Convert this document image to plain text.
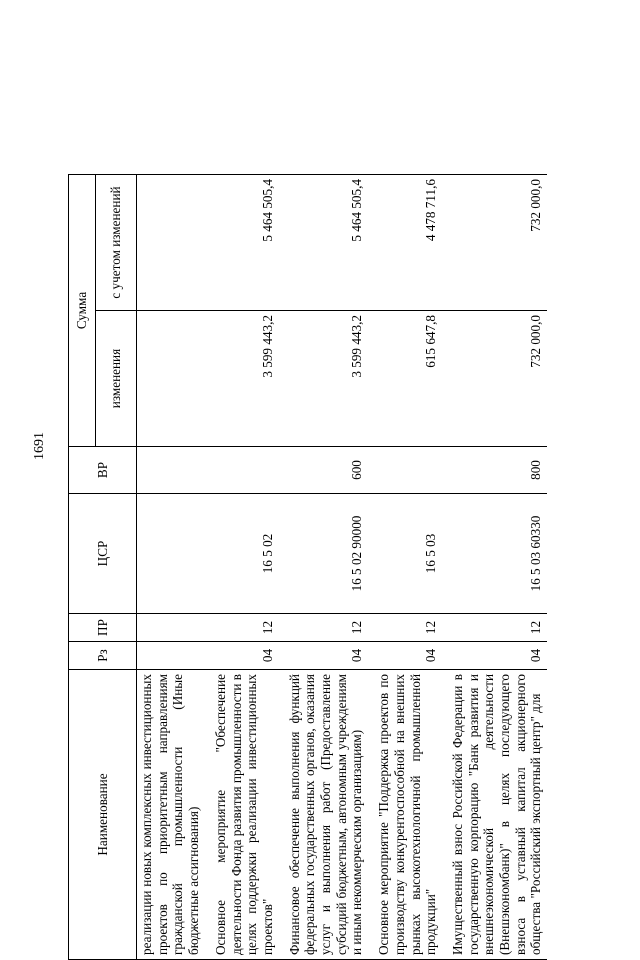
1691
Наименование	Рз	ПР	ЦСР	ВР	Сумма	
					изменения	с учетом изменений
реализации новых комплексных инвестиционных проектов по приоритетным направлениям гражданской промышленности (Иные бюджетные ассигнования)						
Основное мероприятие "Обеспечение деятельности Фонда развития промышленности в целях поддержки реализации инвестиционных проектов"	04	12	16 5 02		3 599 443,2	5 464 505,4
Финансовое обеспечение выполнения функций федеральных государственных органов, оказания услуг и выполнения работ (Предоставление субсидий бюджетным, автономным учреждениям и иным некоммерческим организациям)	04	12	16 5 02 90000	600	3 599 443,2	5 464 505,4
Основное мероприятие "Поддержка проектов по производству конкурентоспособной на внешних рынках высокотехнологичной промышленной продукции"	04	12	16 5 03		615 647,8	4 478 711,6
Имущественный взнос Российской Федерации в государственную корпорацию "Банк развития и внешнеэкономической деятельности (Внешэкономбанк)" в целях последующего взноса в уставный капитал акционерного общества "Российский экспортный центр" для	04	12	16 5 03 60330	800	732 000,0	732 000,0
